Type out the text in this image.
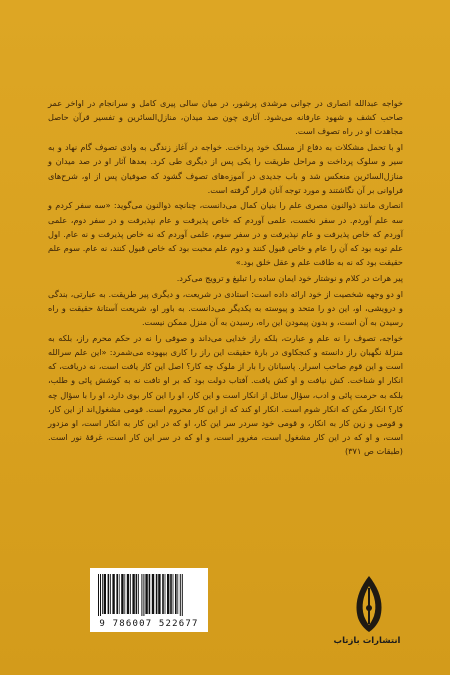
خواجه عبدالله انصاری در جوانی مرشدی پرشور، در میان سالی پیری کامل و سرانجام در اواخر عمر صاحب کشف و شهود عارفانه می‌شود. آثاری چون صد میدان، منازل‌السائرین و تفسیر قرآن حاصل مجاهدت او در راه تصوف است.

او با تحمل مشکلات به دفاع از مسلک خود پرداخت. خواجه در آغاز زندگی به وادی تصوف گام نهاد و به سیر و سلوک پرداخت و مراحل طریقت را یکی پس از دیگری طی کرد. بعدها آثار او در صد میدان و منازل‌السائرین منعکس شد و باب جدیدی در آموزه‌های تصوف گشود که صوفیان پس از او، شرح‌های فراوانی بر آن نگاشتند و مورد توجه آنان قرار گرفته است.

انصاری مانند ذوالنون مصری علم را بنیان کمال می‌دانست، چنانچه ذوالنون می‌گوید: «سه سفر کردم و سه علم آوردم. در سفر نخست، علمی آوردم که خاص پذیرفت و عام نپذیرفت و در سفر دوم، علمی آوردم که خاص پذیرفت و عام نپذیرفت و در سفر سوم، علمی آوردم که نه خاص پذیرفت و نه عام. اول علم توبه بود که آن را عام و خاص قبول کنند و دوم علم محبت بود که خاص قبول کنند، نه عام. سوم علم حقیقت بود که نه به طاقت علم و عقل خلق بود.»

پیر هرات در کلام و نوشتار خود ایمان ساده را تبلیغ و ترویج می‌کرد.

او دو وجهه شخصیت از خود ارائه داده است: استادی در شریعت، و دیگری پیر طریقت. به عبارتی، بندگی و درویشی، او، این دو را متحد و پیوسته به یکدیگر می‌دانست. به باور او، شریعت آستانهٔ حقیقت و راه رسیدن به آن است، و بدون پیمودن این راه، رسیدن به آن منزل ممکن نیست.

خواجه، تصوف را نه علم و عبارت، بلکه راز خدایی می‌داند و صوفی را نه در حکم محرم راز، بلکه به منزلهٔ نگهبان راز دانسته و کنجکاوی در بارهٔ حقیقت این راز را کاری بیهوده می‌شمرد: «این علم سرالله است و این قوم صاحب اسرار. پاسبانان را بار از ملوک چه کار؟ اصل این کار یافت است، نه دریافت، که انکار او شناخت. کش نیافت و او کش یافت. آفتاب دولت بود که بر او تافت نه به کوشش پائی و طلب، بلکه به حرمت پائی و ادب، سؤال سائل از انکار است و این کار، او را این کار بوی دارد، او را با سؤال چه کار؟ انکار مکن که انکار شوم است. انکار او کند که از این کار محروم است. قومی مشغول‌اند از این کار، و قومی و زین کار به انکار، و قومی خود سردر سر این کار، او که در این کار به انکار است، او مزدور است، و او که در این کار مشغول است، مغرور است، و او که در سر این کار است، غرقهٔ نور است. (طبقات ص ٣٧١)

9 786007 522677
انتشارات بازتاب
